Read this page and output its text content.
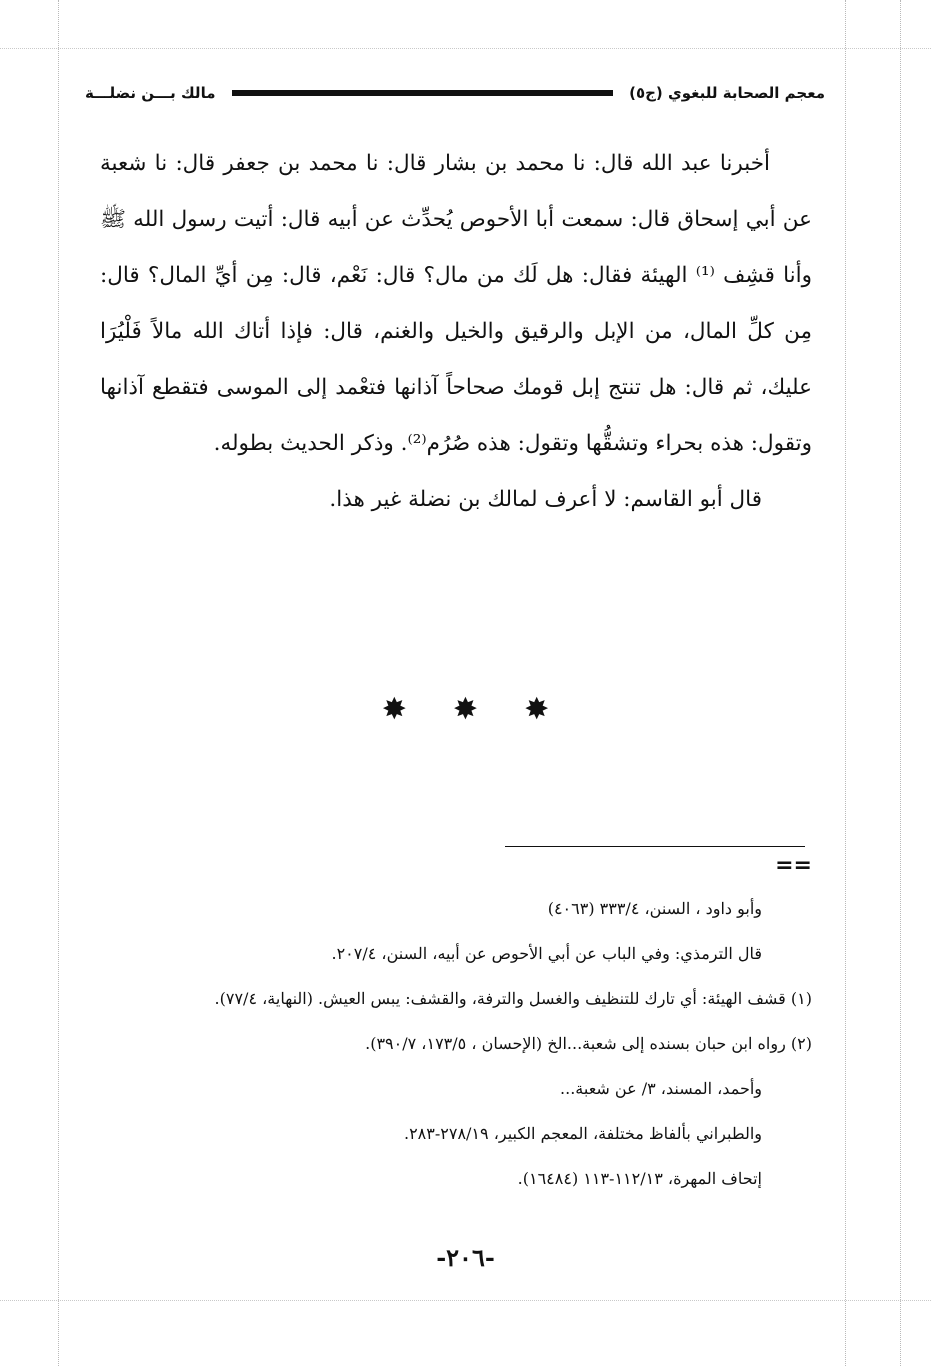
معجم الصحابة للبغوي (ج٥)
مالك بـــن نضلـــة

أخبرنا عبد الله قال: نا محمد بن بشار قال: نا محمد بن جعفر قال: نا شعبة عن أبي إسحاق قال: سمعت أبا الأحوص يُحدِّث عن أبيه قال: أتيت رسول الله ﷺ وأنا قشِف ⁽¹⁾ الهيئة فقال: هل لَك من مال؟ قال: نَعْم، قال: مِن أيِّ المال؟ قال: مِن كلِّ المال، من الإبل والرقيق والخيل والغنم، قال: فإذا أتاك الله مالاً فَلْيُرَا عليك، ثم قال: هل تنتج إبل قومك صحاحاً آذانها فتعْمد إلى الموسى فتقطع آذانها وتقول: هذه بحراء وتشقُّها وتقول: هذه صُرُم⁽²⁾. وذكر الحديث بطوله.

قال أبو القاسم: لا أعرف لمالك بن نضلة غير هذا.

✸ ✸ ✸
==

وأبو داود ، السنن، ٣٣٣/٤ (٤٠٦٣)

قال الترمذي: وفي الباب عن أبي الأحوص عن أبيه، السنن، ٢٠٧/٤.

(١) قشف الهيئة: أي تارك للتنظيف والغسل والترفة، والقشف: يبس العيش. (النهاية، ٧٧/٤).

(٢) رواه ابن حبان بسنده إلى شعبة...الخ (الإحسان ، ١٧٣/٥، ٣٩٠/٧).

وأحمد، المسند، ٣/ عن شعبة...

والطبراني بألفاظ مختلفة، المعجم الكبير، ٢٧٨/١٩-٢٨٣.

إتحاف المهرة، ١١٢/١٣-١١٣ (١٦٤٨٤).

-٢٠٦-
